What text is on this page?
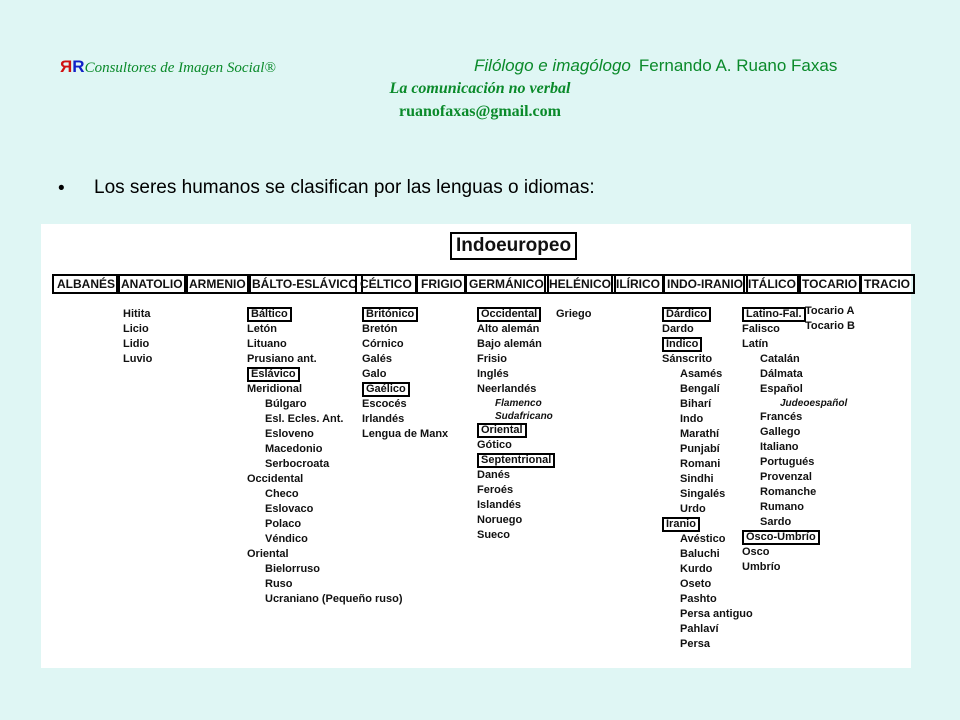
RRConsultores de Imagen Social®	Filólogo e imagólogo Fernando A. Ruano Faxas
La comunicación no verbal
ruanofaxas@gmail.com
• Los seres humanos se clasifican por las lenguas o idiomas:
Indoeuropeo
ALBANÉS ANATOLIO ARMENIO BÁLTO-ESLÁVICO CÉLTICO FRIGIO GERMÁNICO HELÉNICO ILÍRICO INDO-IRANIO ITÁLICO TOCARIO TRACIO
Hitita
Licio
Lidio
Luvio
Báltico
Letón
Lituano
Prusiano ant.
Eslávico
Meridional
Búlgaro
Esl. Ecles. Ant.
Esloveno
Macedonio
Serbocroata
Occidental
Checo
Eslovaco
Polaco
Véndico
Oriental
Bielorruso
Ruso
Ucraniano (Pequeño ruso)
Britónico
Bretón
Córnico
Galés
Galo
Gaélico
Escocés
Irlandés
Lengua de Manx
Occidental
Alto alemán
Bajo alemán
Frisio
Inglés
Neerlandés
Flamenco
Sudafricano
Oriental
Gótico
Septentrional
Danés
Feroés
Islandés
Noruego
Sueco
Griego	Dárdico
Dardo
Índico
Sánscrito
Asamés
Bengalí
Biharí
Indo
Marathí
Punjabí
Romani
Sindhi
Singalés
Urdo
Iranio
Avéstico
Baluchi
Kurdo
Oseto
Pashto
Persa antiguo
Pahlaví
Persa
Latino-Fal.
Falisco
Latín
Catalán
Dálmata
Español
Judeoespañol
Francés
Gallego
Italiano
Portugués
Provenzal
Romanche
Rumano
Sardo
Osco-Umbrío
Osco
Umbrío
Tocario A
Tocario B
